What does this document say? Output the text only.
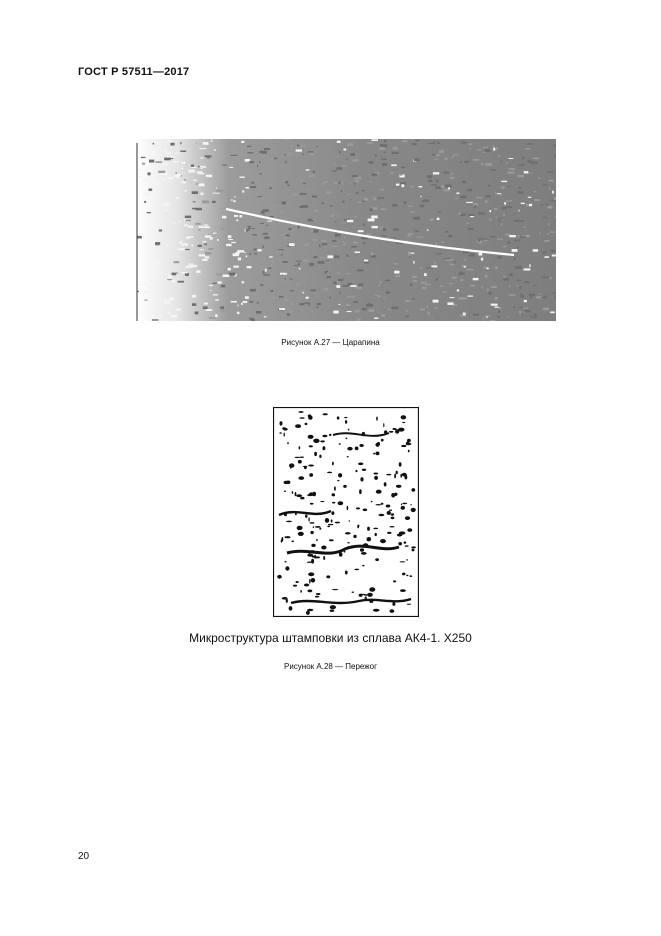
ГОСТ Р 57511—2017
Рисунок А.27 — Царапина
Микроструктура штамповки из сплава АК4-1. X250
Рисунок А.28 — Пережог
20
